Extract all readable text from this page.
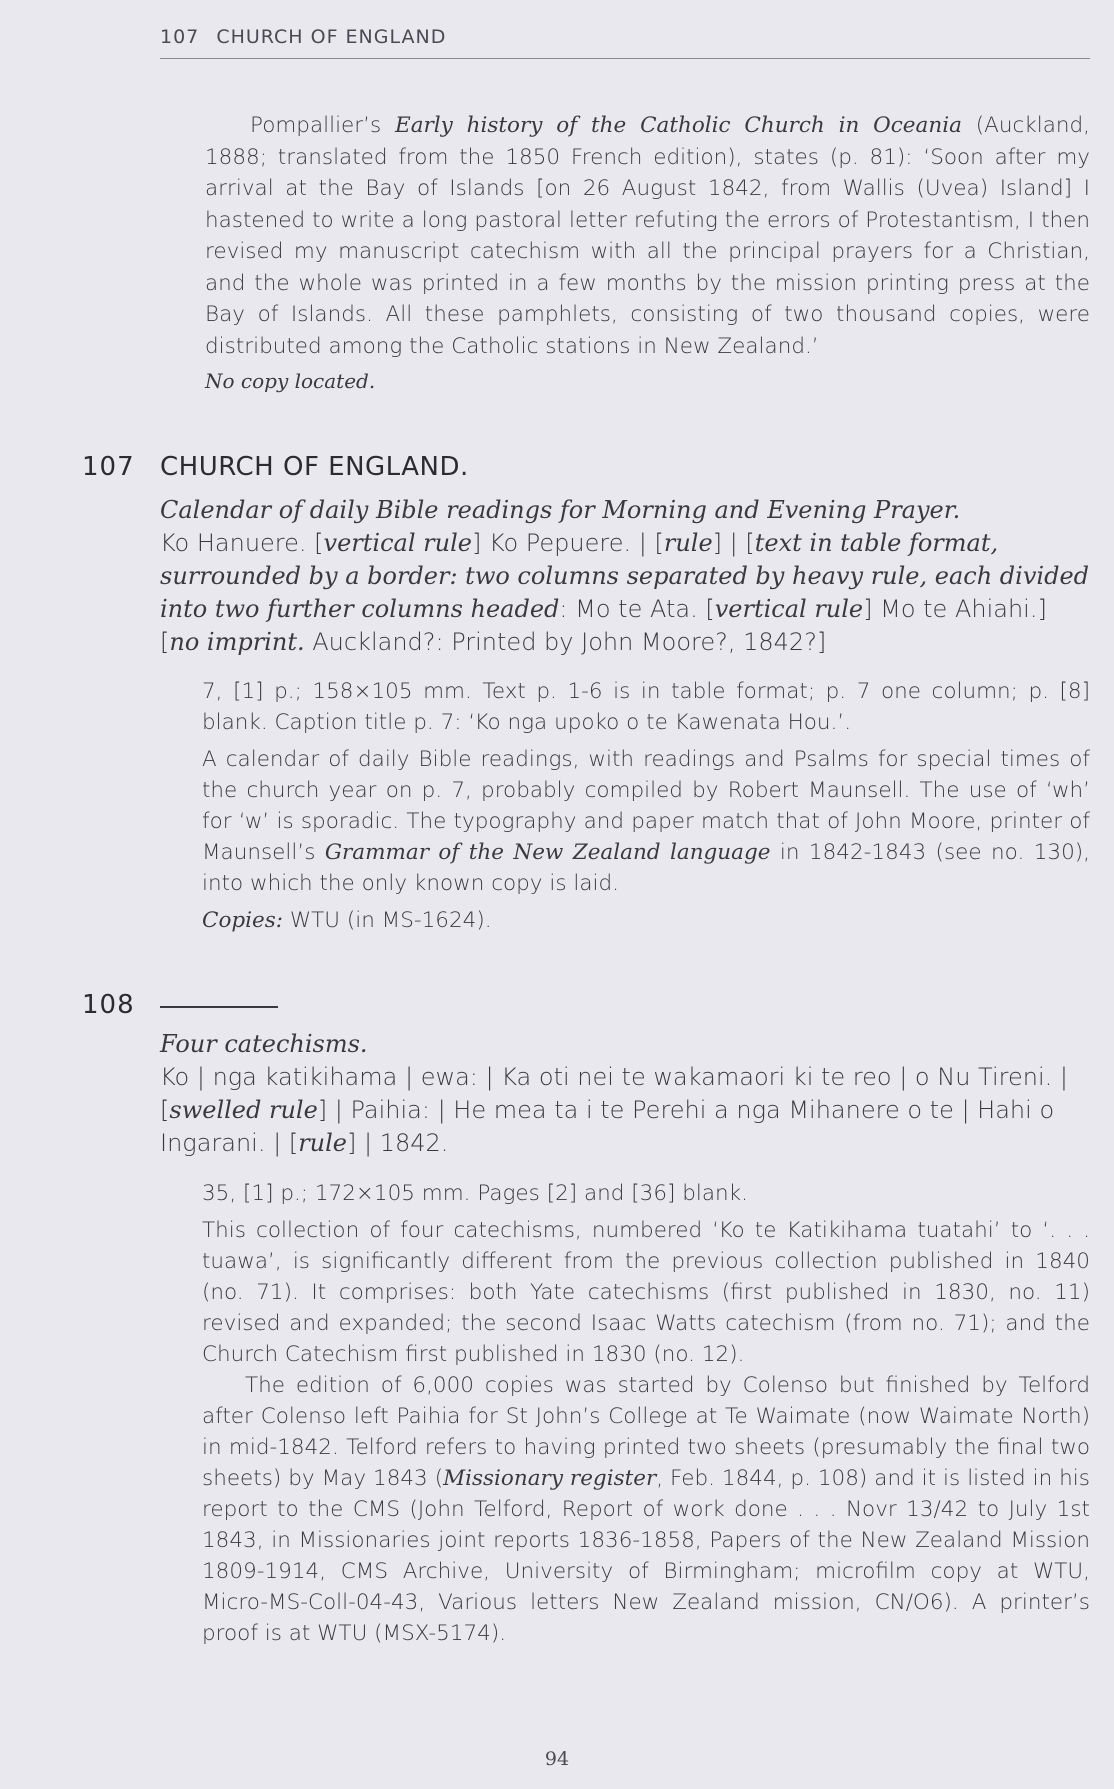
107 CHURCH OF ENGLAND

Pompallier’s Early history of the Catholic Church in Oceania (Auckland, 1888; translated from the 1850 French edition), states (p. 81): ‘Soon after my arrival at the Bay of Islands [on 26 August 1842, from Wallis (Uvea) Island] I hastened to write a long pastoral letter refuting the errors of Protestantism, I then revised my manuscript catechism with all the principal prayers for a Christian, and the whole was printed in a few months by the mission printing press at the Bay of Islands. All these pamphlets, consisting of two thousand copies, were distributed among the Catholic stations in New Zealand.’

No copy located.

107 CHURCH OF ENGLAND.
Calendar of daily Bible readings for Morning and Evening Prayer.
Ko Hanuere. [vertical rule] Ko Pepuere. | [rule] | [text in table format, surrounded by a border: two columns separated by heavy rule, each divided into two further columns headed: Mo te Ata. [vertical rule] Mo te Ahiahi.] [no imprint. Auckland?: Printed by John Moore?, 1842?]

7, [1] p.; 158×105 mm. Text p. 1-6 is in table format; p. 7 one column; p. [8] blank. Caption title p. 7: ‘Ko nga upoko o te Kawenata Hou.’.

A calendar of daily Bible readings, with readings and Psalms for special times of the church year on p. 7, probably compiled by Robert Maunsell. The use of ‘wh’ for ‘w’ is sporadic. The typography and paper match that of John Moore, printer of Maunsell’s Grammar of the New Zealand language in 1842-1843 (see no. 130), into which the only known copy is laid.

Copies: WTU (in MS-1624).

108
Four catechisms.
Ko | nga katikihama | ewa: | Ka oti nei te wakamaori ki te reo | o Nu Tireni. | [swelled rule] | Paihia: | He mea ta i te Perehi a nga Mihanere o te | Hahi o Ingarani. | [rule] | 1842.

35, [1] p.; 172×105 mm. Pages [2] and [36] blank.

This collection of four catechisms, numbered ‘Ko te Katikihama tuatahi’ to ‘. . . tuawa’, is significantly different from the previous collection published in 1840 (no. 71). It comprises: both Yate catechisms (first published in 1830, no. 11) revised and expanded; the second Isaac Watts catechism (from no. 71); and the Church Catechism first published in 1830 (no. 12).

The edition of 6,000 copies was started by Colenso but finished by Telford after Colenso left Paihia for St John’s College at Te Waimate (now Waimate North) in mid-1842. Telford refers to having printed two sheets (presumably the final two sheets) by May 1843 (Missionary register, Feb. 1844, p. 108) and it is listed in his report to the CMS (John Telford, Report of work done . . . Novr 13/42 to July 1st 1843, in Missionaries joint reports 1836-1858, Papers of the New Zealand Mission 1809-1914, CMS Archive, University of Birmingham; microfilm copy at WTU, Micro-MS-Coll-04-43, Various letters New Zealand mission, CN/O6). A printer’s proof is at WTU (MSX-5174).

94
